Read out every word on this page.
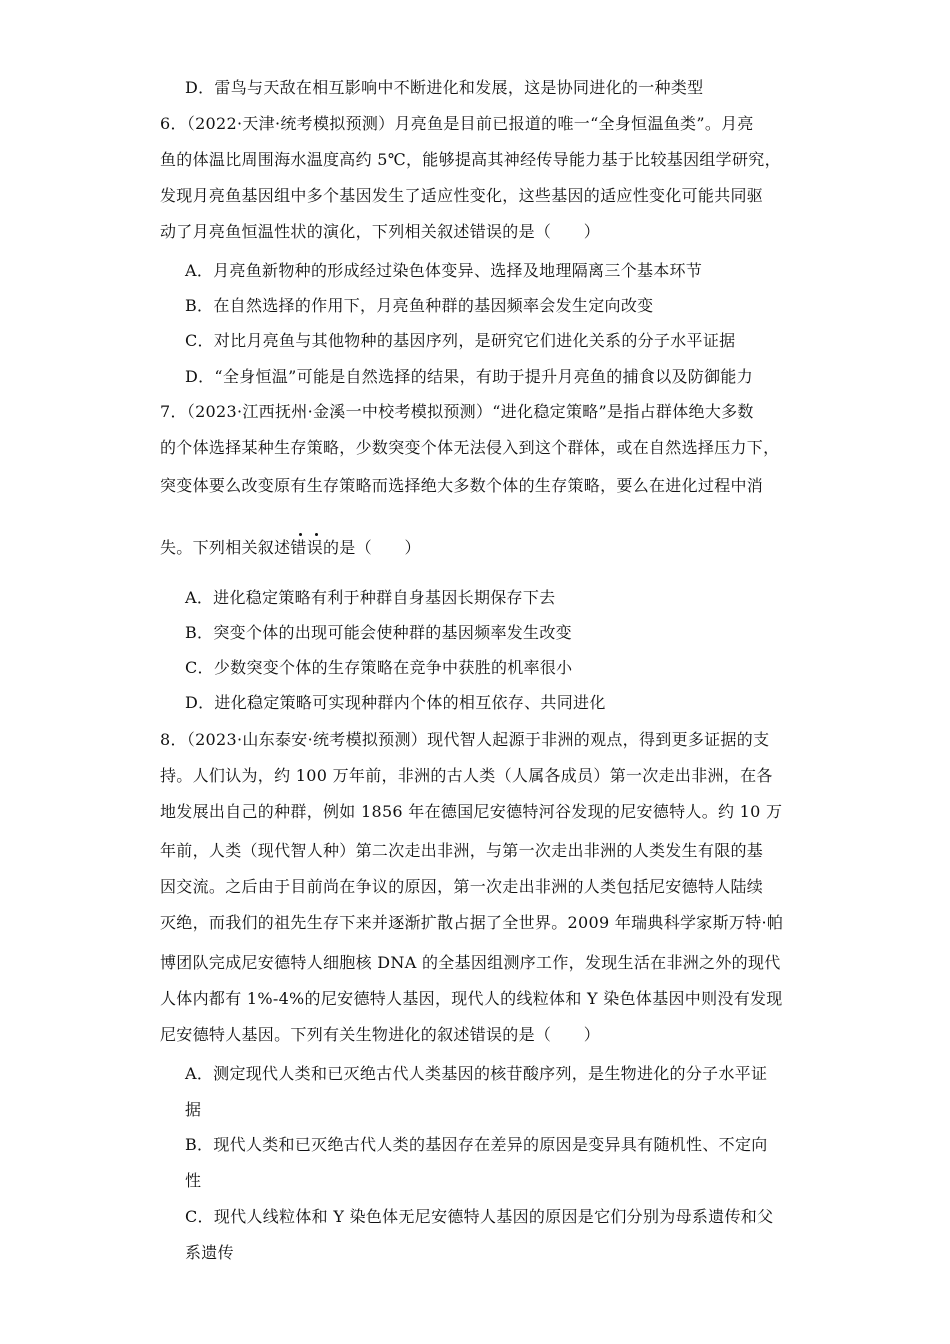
D．雷鸟与天敌在相互影响中不断进化和发展，这是协同进化的一种类型
6．（2022·天津·统考模拟预测）月亮鱼是目前已报道的唯一“全身恒温鱼类”。月亮
鱼的体温比周围海水温度高约 5℃，能够提高其神经传导能力基于比较基因组学研究，
发现月亮鱼基因组中多个基因发生了适应性变化，这些基因的适应性变化可能共同驱
动了月亮鱼恒温性状的演化，下列相关叙述错误的是（　　）
A．月亮鱼新物种的形成经过染色体变异、选择及地理隔离三个基本环节
B．在自然选择的作用下，月亮鱼种群的基因频率会发生定向改变
C．对比月亮鱼与其他物种的基因序列，是研究它们进化关系的分子水平证据
D．“全身恒温”可能是自然选择的结果，有助于提升月亮鱼的捕食以及防御能力
7．（2023·江西抚州·金溪一中校考模拟预测）“进化稳定策略”是指占群体绝大多数
的个体选择某种生存策略，少数突变个体无法侵入到这个群体，或在自然选择压力下，
突变体要么改变原有生存策略而选择绝大多数个体的生存策略，要么在进化过程中消
失。下列相关叙述错误的是（　　）
A．进化稳定策略有利于种群自身基因长期保存下去
B．突变个体的出现可能会使种群的基因频率发生改变
C．少数突变个体的生存策略在竞争中获胜的机率很小
D．进化稳定策略可实现种群内个体的相互依存、共同进化
8．（2023·山东泰安·统考模拟预测）现代智人起源于非洲的观点，得到更多证据的支
持。人们认为，约 100 万年前，非洲的古人类（人属各成员）第一次走出非洲，在各
地发展出自己的种群，例如 1856 年在德国尼安德特河谷发现的尼安德特人。约 10 万
年前，人类（现代智人种）第二次走出非洲，与第一次走出非洲的人类发生有限的基
因交流。之后由于目前尚在争议的原因，第一次走出非洲的人类包括尼安德特人陆续
灭绝，而我们的祖先生存下来并逐渐扩散占据了全世界。2009 年瑞典科学家斯万特·帕
博团队完成尼安德特人细胞核 DNA 的全基因组测序工作，发现生活在非洲之外的现代
人体内都有 1%-4%的尼安德特人基因，现代人的线粒体和 Y 染色体基因中则没有发现
尼安德特人基因。下列有关生物进化的叙述错误的是（　　）
A．测定现代人类和已灭绝古代人类基因的核苷酸序列，是生物进化的分子水平证
据
B．现代人类和已灭绝古代人类的基因存在差异的原因是变异具有随机性、不定向
性
C．现代人线粒体和 Y 染色体无尼安德特人基因的原因是它们分别为母系遗传和父
系遗传
